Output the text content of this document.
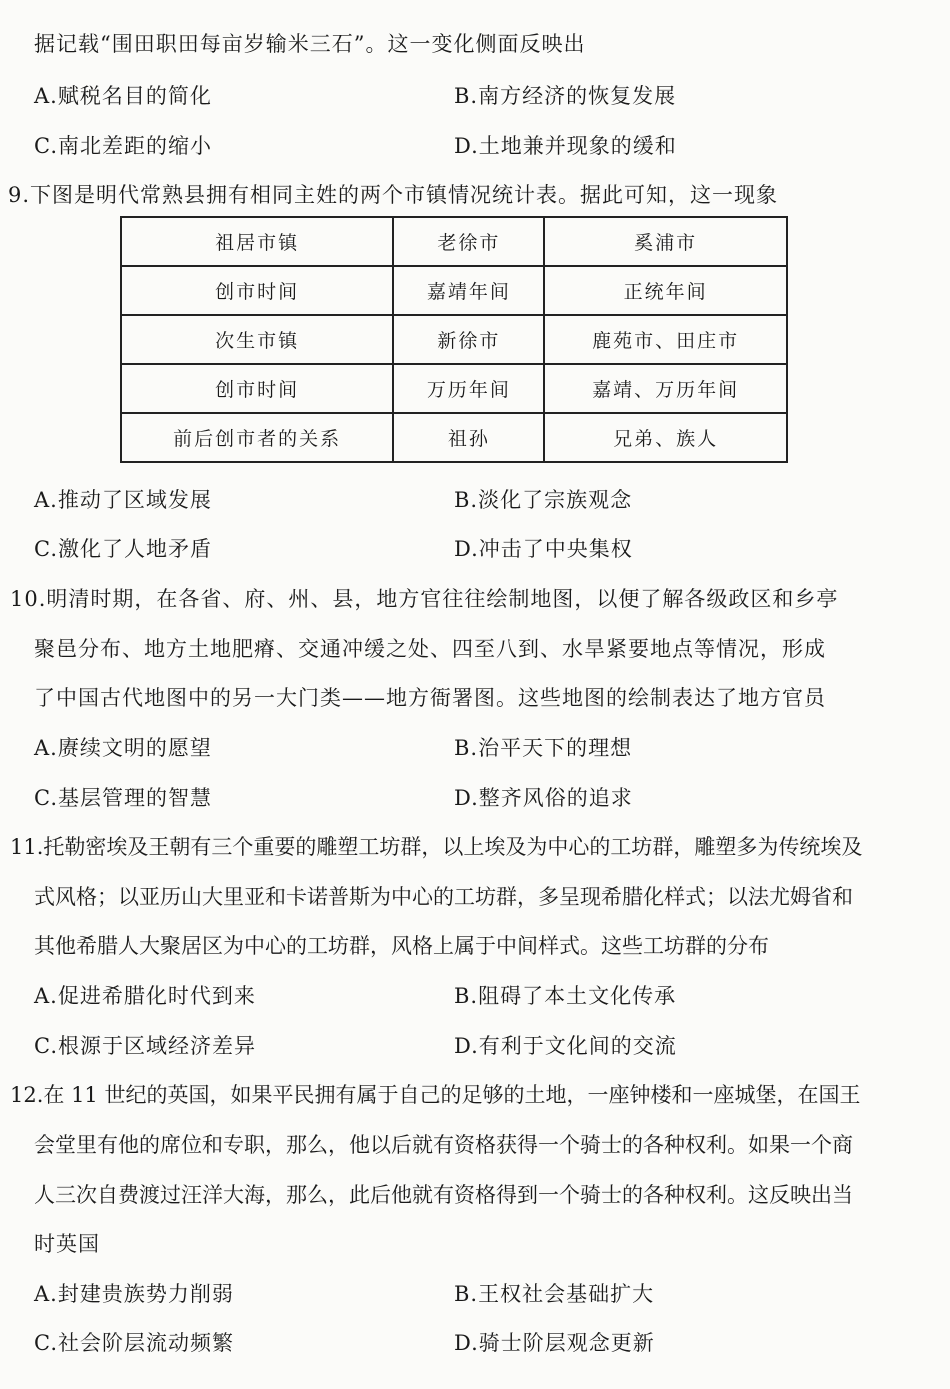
据记载“围田职田每亩岁输米三石”。这一变化侧面反映出
A.赋税名目的简化	B.南方经济的恢复发展
C.南北差距的缩小	D.土地兼并现象的缓和
9.下图是明代常熟县拥有相同主姓的两个市镇情况统计表。据此可知，这一现象
祖居市镇	老徐市	奚浦市
创市时间	嘉靖年间	正统年间
次生市镇	新徐市	鹿苑市、田庄市
创市时间	万历年间	嘉靖、万历年间
前后创市者的关系	祖孙	兄弟、族人
A.推动了区域发展	B.淡化了宗族观念
C.激化了人地矛盾	D.冲击了中央集权
10.明清时期，在各省、府、州、县，地方官往往绘制地图，以便了解各级政区和乡亭
聚邑分布、地方土地肥瘠、交通冲缓之处、四至八到、水旱紧要地点等情况，形成
了中国古代地图中的另一大门类——地方衙署图。这些地图的绘制表达了地方官员
A.赓续文明的愿望	B.治平天下的理想
C.基层管理的智慧	D.整齐风俗的追求
11.托勒密埃及王朝有三个重要的雕塑工坊群，以上埃及为中心的工坊群，雕塑多为传统埃及
式风格；以亚历山大里亚和卡诺普斯为中心的工坊群，多呈现希腊化样式；以法尤姆省和
其他希腊人大聚居区为中心的工坊群，风格上属于中间样式。这些工坊群的分布
A.促进希腊化时代到来	B.阻碍了本土文化传承
C.根源于区域经济差异	D.有利于文化间的交流
12.在 11 世纪的英国，如果平民拥有属于自己的足够的土地，一座钟楼和一座城堡，在国王
会堂里有他的席位和专职，那么，他以后就有资格获得一个骑士的各种权利。如果一个商
人三次自费渡过汪洋大海，那么，此后他就有资格得到一个骑士的各种权利。这反映出当
时英国
A.封建贵族势力削弱	B.王权社会基础扩大
C.社会阶层流动频繁	D.骑士阶层观念更新
